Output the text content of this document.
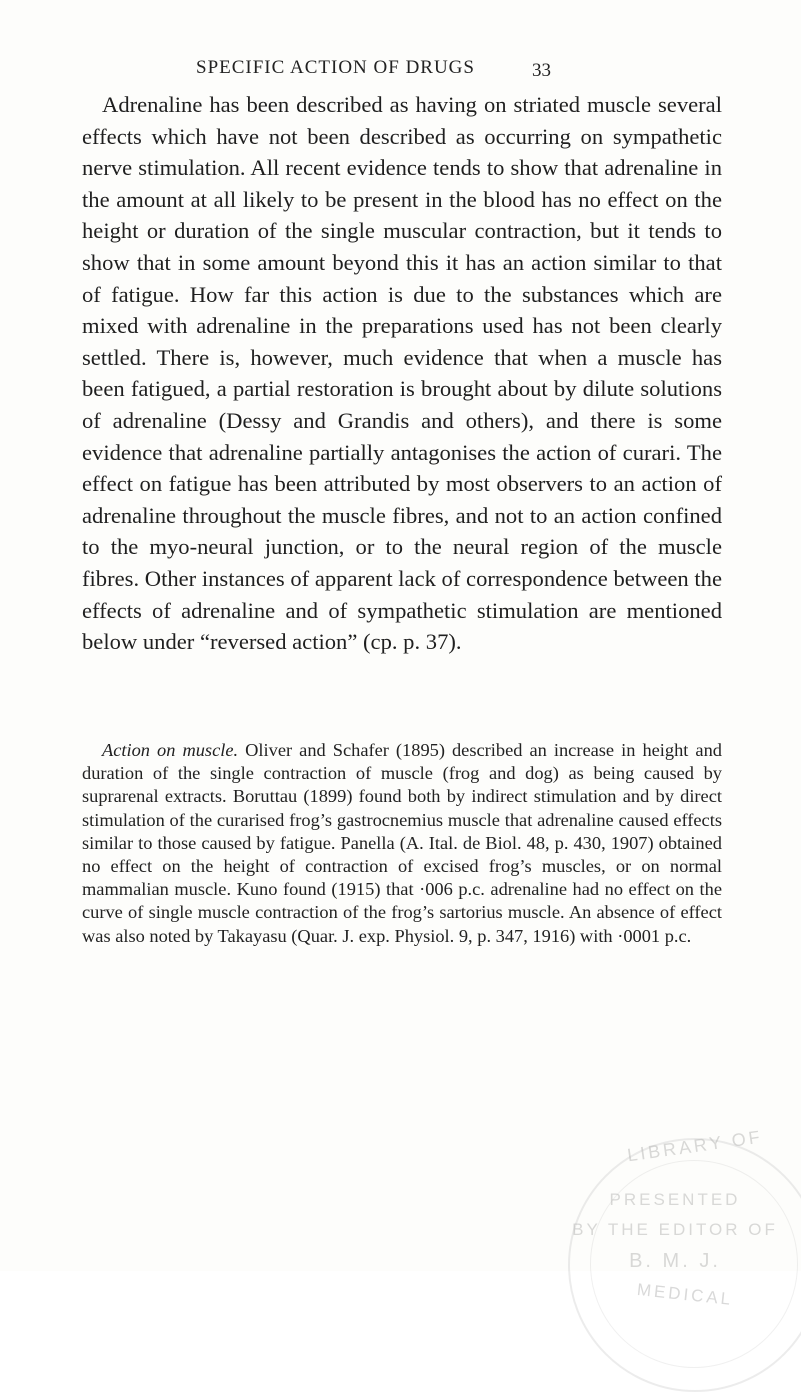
SPECIFIC ACTION OF DRUGS	33

Adrenaline has been described as having on striated muscle several effects which have not been described as occurring on sympathetic nerve stimulation. All recent evidence tends to show that adrenaline in the amount at all likely to be present in the blood has no effect on the height or duration of the single muscular contraction, but it tends to show that in some amount beyond this it has an action similar to that of fatigue. How far this action is due to the substances which are mixed with adrenaline in the preparations used has not been clearly settled. There is, however, much evidence that when a muscle has been fatigued, a partial restoration is brought about by dilute solutions of adrenaline (Dessy and Grandis and others), and there is some evidence that adrenaline partially antagonises the action of curari. The effect on fatigue has been attributed by most observers to an action of adrenaline throughout the muscle fibres, and not to an action confined to the myo-neural junction, or to the neural region of the muscle fibres. Other instances of apparent lack of correspondence between the effects of adrenaline and of sympathetic stimulation are mentioned below under “reversed action” (cp. p. 37).

Action on muscle. Oliver and Schafer (1895) described an increase in height and duration of the single contraction of muscle (frog and dog) as being caused by suprarenal extracts. Boruttau (1899) found both by indirect stimulation and by direct stimulation of the curarised frog’s gastrocnemius muscle that adrenaline caused effects similar to those caused by fatigue. Panella (A. Ital. de Biol. 48, p. 430, 1907) obtained no effect on the height of contraction of excised frog’s muscles, or on normal mammalian muscle. Kuno found (1915) that ·006 p.c. adrenaline had no effect on the curve of single muscle contraction of the frog’s sartorius muscle. An absence of effect was also noted by Takayasu (Quar. J. exp. Physiol. 9, p. 347, 1916) with ·0001 p.c.

LIBRARY OF
PRESENTED
BY THE EDITOR OF
B. M. J.
MEDICAL
